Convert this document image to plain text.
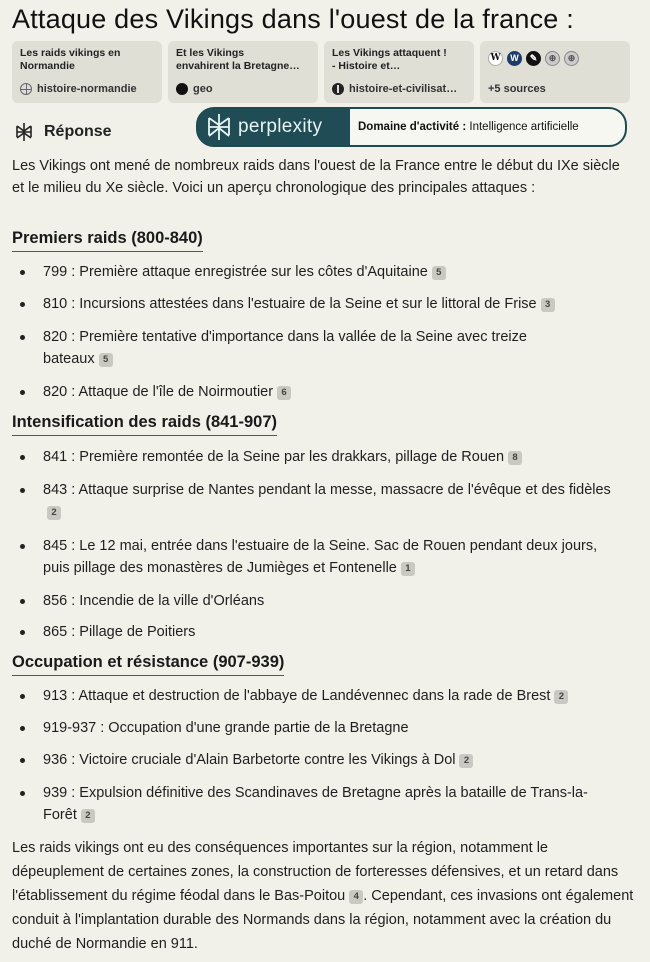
Attaque des Vikings dans l'ouest de la france :
Les raids vikings en
Normandie
histoire-normandie
Et les Vikings
envahirent la Bretagne…
geo
Les Vikings attaquent !
- Histoire et…
histoire-et-civilisat…
W	W	✎	⊕	⊕
+5 sources
Réponse	perplexity	Domaine d'activité : Intelligence artificielle
Les Vikings ont mené de nombreux raids dans l'ouest de la France entre le début du IXe siècle et le milieu du Xe siècle. Voici un aperçu chronologique des principales attaques :
Premiers raids (800-840)
799 : Première attaque enregistrée sur les côtes d'Aquitaine 5
810 : Incursions attestées dans l'estuaire de la Seine et sur le littoral de Frise 3
820 : Première tentative d'importance dans la vallée de la Seine avec treize bateaux 5
820 : Attaque de l'île de Noirmoutier 6
Intensification des raids (841-907)
841 : Première remontée de la Seine par les drakkars, pillage de Rouen 8
843 : Attaque surprise de Nantes pendant la messe, massacre de l'évêque et des fidèles2
845 : Le 12 mai, entrée dans l'estuaire de la Seine. Sac de Rouen pendant deux jours, puis pillage des monastères de Jumièges et Fontenelle 1
856 : Incendie de la ville d'Orléans
865 : Pillage de Poitiers
Occupation et résistance (907-939)
913 : Attaque et destruction de l'abbaye de Landévennec dans la rade de Brest 2
919-937 : Occupation d'une grande partie de la Bretagne
936 : Victoire cruciale d'Alain Barbetorte contre les Vikings à Dol 2
939 : Expulsion définitive des Scandinaves de Bretagne après la bataille de Trans-la-Forêt 2
Les raids vikings ont eu des conséquences importantes sur la région, notamment le dépeuplement de certaines zones, la construction de forteresses défensives, et un retard dans l'établissement du régime féodal dans le Bas-Poitou 4 . Cependant, ces invasions ont également conduit à l'implantation durable des Normands dans la région, notamment avec la création du duché de Normandie en 911.
